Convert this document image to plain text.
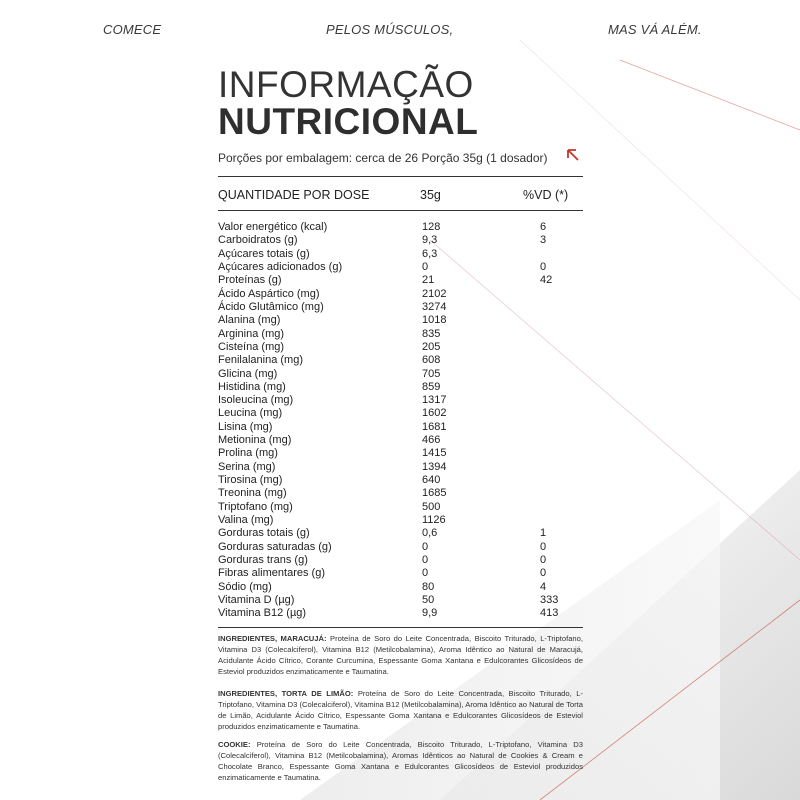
COMECE	PELOS MÚSCULOS,	MAS VÁ ALÉM.
INFORMAÇÃO
NUTRICIONAL
Porções por embalagem: cerca de 26 Porção 35g (1 dosador)
QUANTIDADE POR DOSE	35g	%VD (*)
Valor energético (kcal)	128	6
Carboidratos (g)	9,3	3
Açúcares totais (g)	6,3
Açúcares adicionados (g)	0	0
Proteínas (g)	21	42
Ácido Aspártico (mg)	2102
Ácido Glutâmico (mg)	3274
Alanina (mg)	1018
Arginina (mg)	835
Cisteína (mg)	205
Fenilalanina (mg)	608
Glicina (mg)	705
Histidina (mg)	859
Isoleucina (mg)	1317
Leucina (mg)	1602
Lisina (mg)	1681
Metionina (mg)	466
Prolina (mg)	1415
Serina (mg)	1394
Tirosina (mg)	640
Treonina (mg)	1685
Triptofano (mg)	500
Valina (mg)	1126
Gorduras totais (g)	0,6	1
Gorduras saturadas (g)	0	0
Gorduras trans (g)	0	0
Fibras alimentares (g)	0	0
Sódio (mg)	80	4
Vitamina D (µg)	50	333
Vitamina B12 (µg)	9,9	413
INGREDIENTES, MARACUJÁ: Proteína de Soro do Leite Concentrada, Biscoito Triturado, L-Triptofano, Vitamina D3 (Colecalciferol), Vitamina B12 (Metilcobalamina), Aroma Idêntico ao Natural de Maracujá, Acidulante Ácido Cítrico, Corante Curcumina, Espessante Goma Xantana e Edulcorantes Glicosídeos de Esteviol produzidos enzimaticamente e Taumatina.
INGREDIENTES, TORTA DE LIMÃO: Proteína de Soro do Leite Concentrada, Biscoito Triturado, L-Triptofano, Vitamina D3 (Colecalciferol), Vitamina B12 (Metilcobalamina), Aroma Idêntico ao Natural de Torta de Limão, Acidulante Ácido Cítrico, Espessante Goma Xantana e Edulcorantes Glicosídeos de Esteviol produzidos enzimaticamente e Taumatina.
COOKIE: Proteína de Soro do Leite Concentrada, Biscoito Triturado, L-Triptofano, Vitamina D3 (Colecalciferol), Vitamina B12 (Metilcobalamina), Aromas Idênticos ao Natural de Cookies & Cream e Chocolate Branco, Espessante Goma Xantana e Edulcorantes Glicosídeos de Esteviol produzidos enzimaticamente e Taumatina.
